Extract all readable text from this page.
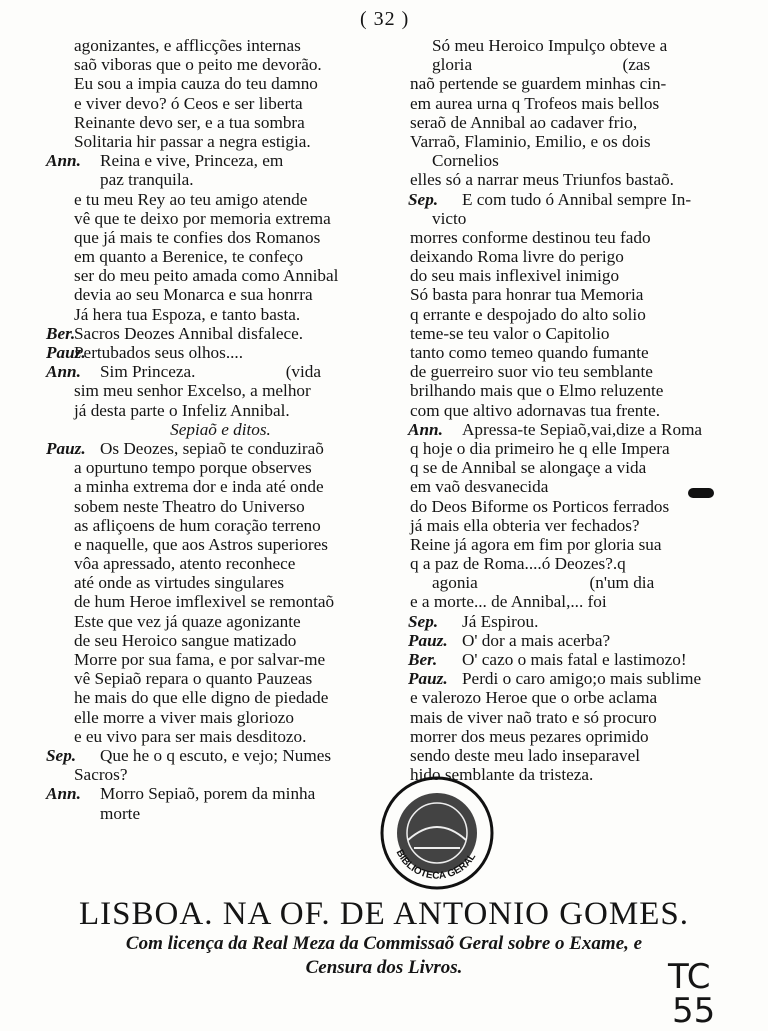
( 32 )
agonizantes, e afflicções internas
saõ viboras que o peito me devorão.
Eu sou a impia cauza do teu damno
e viver devo? ó Ceos e ser liberta
Reinante devo ser, e a tua sombra
Solitaria hir passar a negra estigia.
Ann. Reina e vive, Princeza, em
paz tranquila.
e tu meu Rey ao teu amigo atende
vê que te deixo por memoria extrema
que já mais te confies dos Romanos
em quanto a Berenice, te confeço
ser do meu peito amada como Annibal
devia ao seu Monarca e sua honrra
Já hera tua Espoza, e tanto basta.
Ber.
Sacros Deozes Annibal disfalece.
Pauz.
Pertubados seus olhos....
Ann. Sim Princeza.                     (vida
sim meu senhor Excelso, a melhor
já desta parte o Infeliz Annibal.
Sepiaõ e ditos.
Pauz. Os Deozes, sepiaõ te conduziraõ
a opurtuno tempo porque observes
a minha extrema dor e inda até onde
sobem neste Theatro do Universo
as afliçoens de hum coração terreno
e naquelle, que aos Astros superiores
vôa apressado, atento reconhece
até onde as virtudes singulares
de hum Heroe imflexivel se remontaõ
Este que vez já quaze agonizante
de seu Heroico sangue matizado
Morre por sua fama, e por salvar-me
vê Sepiaõ repara o quanto Pauzeas
he mais do que elle digno de piedade
elle morre a viver mais gloriozo
e eu vivo para ser mais desditozo.
Sep. Que he o q escuto, e vejo; Numes
Sacros?
Ann. Morro Sepiaõ, porem da minha
morte
Só meu Heroico Impulço obteve a
gloria                                   (zas
naõ pertende se guardem minhas cin-
em aurea urna q Trofeos mais bellos
seraõ de Annibal ao cadaver frio,
Varraõ, Flaminio, Emilio, e os dois
Cornelios
elles só a narrar meus Triunfos bastaõ.
Sep. E com tudo ó Annibal sempre In-
victo
morres conforme destinou teu fado
deixando Roma livre do perigo
do seu mais inflexivel inimigo
Só basta para honrar tua Memoria
q errante e despojado do alto solio
teme-se teu valor o Capitolio
tanto como temeo quando fumante
de guerreiro suor vio teu semblante
brilhando mais que o Elmo reluzente
com que altivo adornavas tua frente.
Ann. Apressa-te Sepiaõ,vai,dize a Roma
q hoje o dia primeiro he q elle Impera
q se de Annibal se alongaçe a vida
em vaõ desvanecida
do Deos Biforme os Porticos ferrados
já mais ella obteria ver fechados?
Reine já agora em fim por gloria sua
q a paz de Roma....ó Deozes?.q
agonia                          (n'um dia
e a morte... de Annibal,... foi
Sep. Já Espirou.
Pauz. O' dor a mais acerba?
Ber. O' cazo o mais fatal e lastimozo!
Pauz. Perdi o caro amigo;o mais sublime
e valerozo Heroe que o orbe aclama
mais de viver naõ trato e só procuro
morrer dos meus pezares oprimido
sendo deste meu lado inseparavel
hido semblante da tristeza.
BIBLIOTECA GERAL
LISBOA. NA OF. DE ANTONIO GOMES.
Com licença da Real Meza da Commissaõ Geral sobre o Exame, e
Censura dos Livros.	TC
55
